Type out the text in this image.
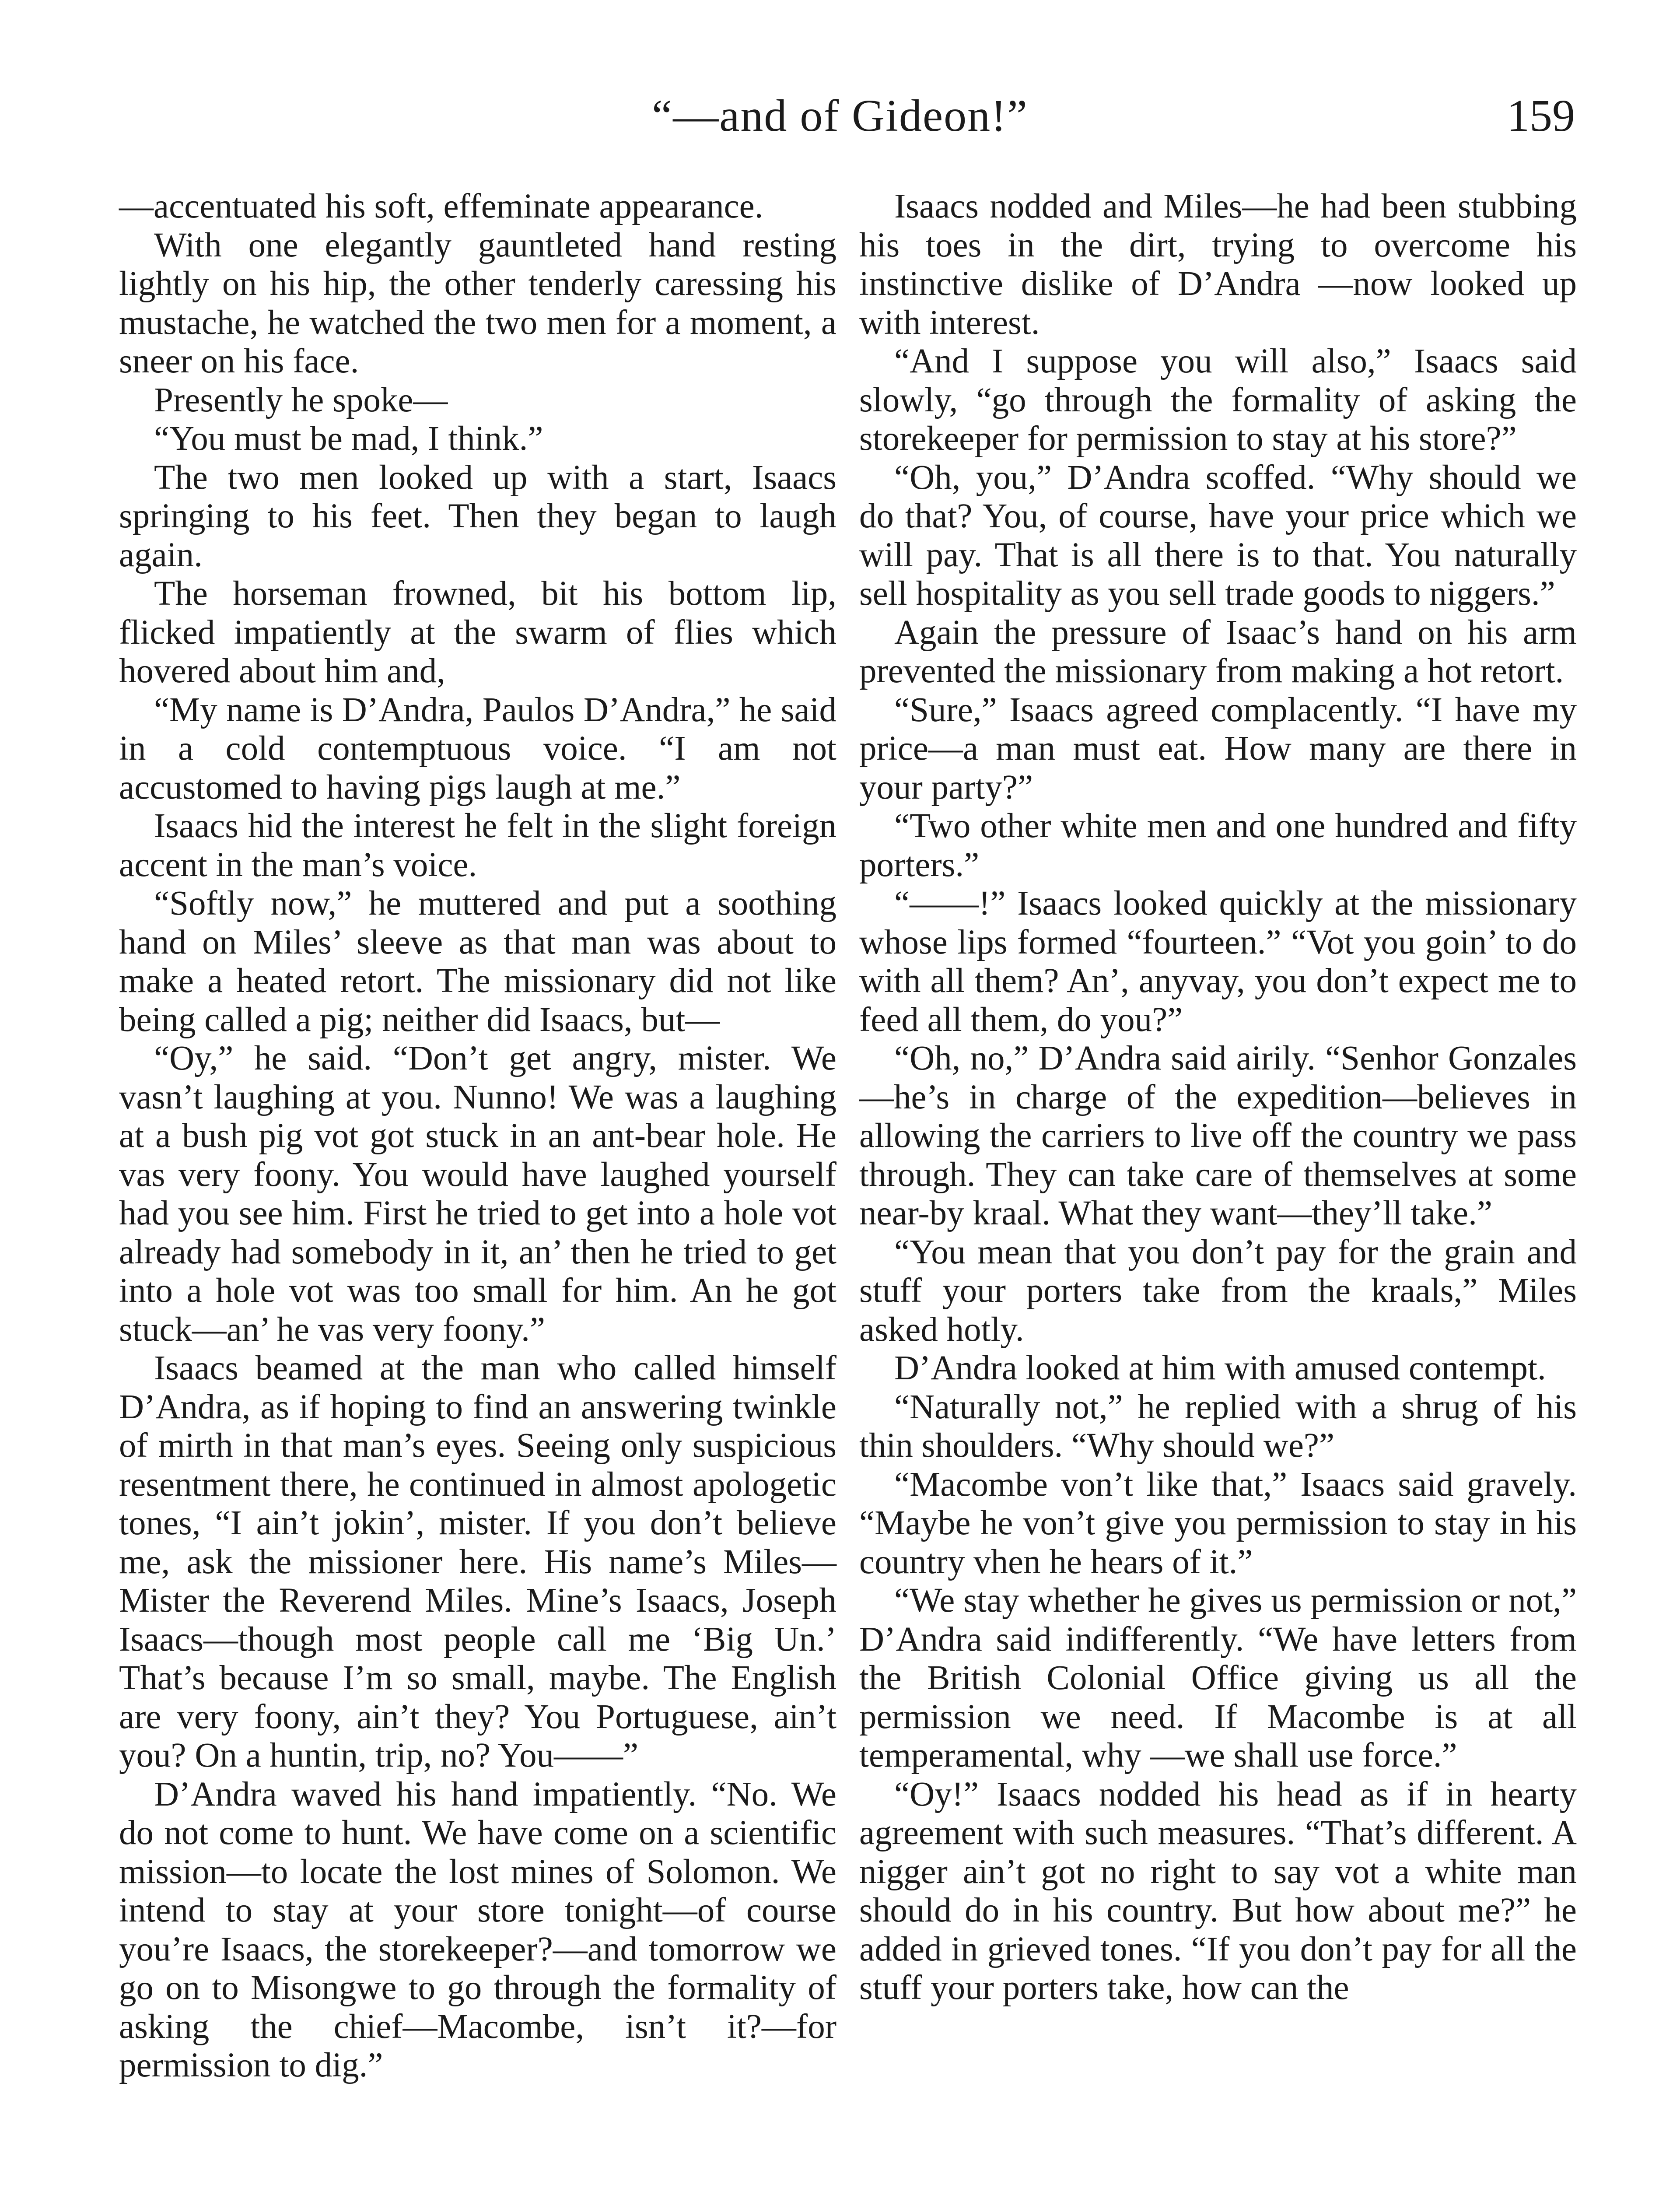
“—and of Gideon!”	159

—accentuated his soft, effeminate appearance.

With one elegantly gauntleted hand resting lightly on his hip, the other tenderly caressing his mustache, he watched the two men for a moment, a sneer on his face.

Presently he spoke—

“You must be mad, I think.”

The two men looked up with a start, Isaacs springing to his feet. Then they began to laugh again.

The horseman frowned, bit his bottom lip, flicked impatiently at the swarm of flies which hovered about him and,

“My name is D’Andra, Paulos D’Andra,” he said in a cold contemptuous voice. “I am not accustomed to having pigs laugh at me.”

Isaacs hid the interest he felt in the slight foreign accent in the man’s voice.

“Softly now,” he muttered and put a soothing hand on Miles’ sleeve as that man was about to make a heated retort. The missionary did not like being called a pig; neither did Isaacs, but—

“Oy,” he said. “Don’t get angry, mister. We vasn’t laughing at you. Nunno! We was a laughing at a bush pig vot got stuck in an ant-bear hole. He vas very foony. You would have laughed yourself had you see him. First he tried to get into a hole vot already had somebody in it, an’ then he tried to get into a hole vot was too small for him. An he got stuck—an’ he vas very foony.”

Isaacs beamed at the man who called himself D’Andra, as if hoping to find an answering twinkle of mirth in that man’s eyes. Seeing only suspicious resentment there, he continued in almost apologetic tones, “I ain’t jokin’, mister. If you don’t believe me, ask the missioner here. His name’s Miles—Mister the Reverend Miles. Mine’s Isaacs, Joseph Isaacs—though most people call me ‘Big Un.’ That’s because I’m so small, maybe. The English are very foony, ain’t they? You Portuguese, ain’t you? On a huntin, trip, no? You——”

D’Andra waved his hand impatiently. “No. We do not come to hunt. We have come on a scientific mission—to locate the lost mines of Solomon. We intend to stay at your store tonight—of course you’re Isaacs, the storekeeper?—and tomorrow we go on to Misongwe to go through the formality of asking the chief—Macombe, isn’t it?—for permission to dig.”

Isaacs nodded and Miles—he had been stubbing his toes in the dirt, trying to overcome his instinctive dislike of D’Andra —now looked up with interest.

“And I suppose you will also,” Isaacs said slowly, “go through the formality of asking the storekeeper for permission to stay at his store?”

“Oh, you,” D’Andra scoffed. “Why should we do that? You, of course, have your price which we will pay. That is all there is to that. You naturally sell hospitality as you sell trade goods to niggers.”

Again the pressure of Isaac’s hand on his arm prevented the missionary from making a hot retort.

“Sure,” Isaacs agreed complacently. “I have my price—a man must eat. How many are there in your party?”

“Two other white men and one hundred and fifty porters.”

“——!” Isaacs looked quickly at the missionary whose lips formed “fourteen.” “Vot you goin’ to do with all them? An’, anyvay, you don’t expect me to feed all them, do you?”

“Oh, no,” D’Andra said airily. “Senhor Gonzales—he’s in charge of the expedition—believes in allowing the carriers to live off the country we pass through. They can take care of themselves at some near-by kraal. What they want—they’ll take.”

“You mean that you don’t pay for the grain and stuff your porters take from the kraals,” Miles asked hotly.

D’Andra looked at him with amused contempt.

“Naturally not,” he replied with a shrug of his thin shoulders. “Why should we?”

“Macombe von’t like that,” Isaacs said gravely. “Maybe he von’t give you permission to stay in his country vhen he hears of it.”

“We stay whether he gives us permission or not,” D’Andra said indifferently. “We have letters from the British Colonial Office giving us all the permission we need. If Macombe is at all temperamental, why —we shall use force.”

“Oy!” Isaacs nodded his head as if in hearty agreement with such measures. “That’s different. A nigger ain’t got no right to say vot a white man should do in his country. But how about me?” he added in grieved tones. “If you don’t pay for all the stuff your porters take, how can the
